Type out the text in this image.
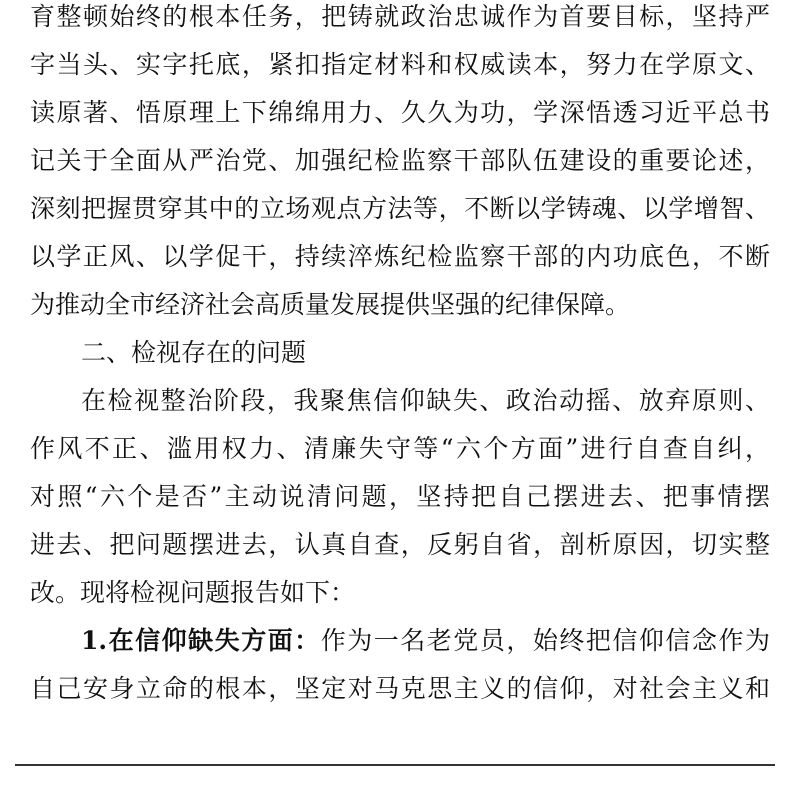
育整顿始终的根本任务，把铸就政治忠诚作为首要目标，坚持严
字当头、实字托底，紧扣指定材料和权威读本，努力在学原文、
读原著、悟原理上下绵绵用力、久久为功，学深悟透习近平总书
记关于全面从严治党、加强纪检监察干部队伍建设的重要论述，
深刻把握贯穿其中的立场观点方法等，不断以学铸魂、以学增智、
以学正风、以学促干，持续淬炼纪检监察干部的内功底色，不断
为推动全市经济社会高质量发展提供坚强的纪律保障。
二、检视存在的问题
在检视整治阶段，我聚焦信仰缺失、政治动摇、放弃原则、
作风不正、滥用权力、清廉失守等“六个方面”进行自查自纠，
对照“六个是否”主动说清问题，坚持把自己摆进去、把事情摆
进去、把问题摆进去，认真自查，反躬自省，剖析原因，切实整
改。现将检视问题报告如下：
1.在信仰缺失方面：作为一名老党员，始终把信仰信念作为
自己安身立命的根本，坚定对马克思主义的信仰，对社会主义和
